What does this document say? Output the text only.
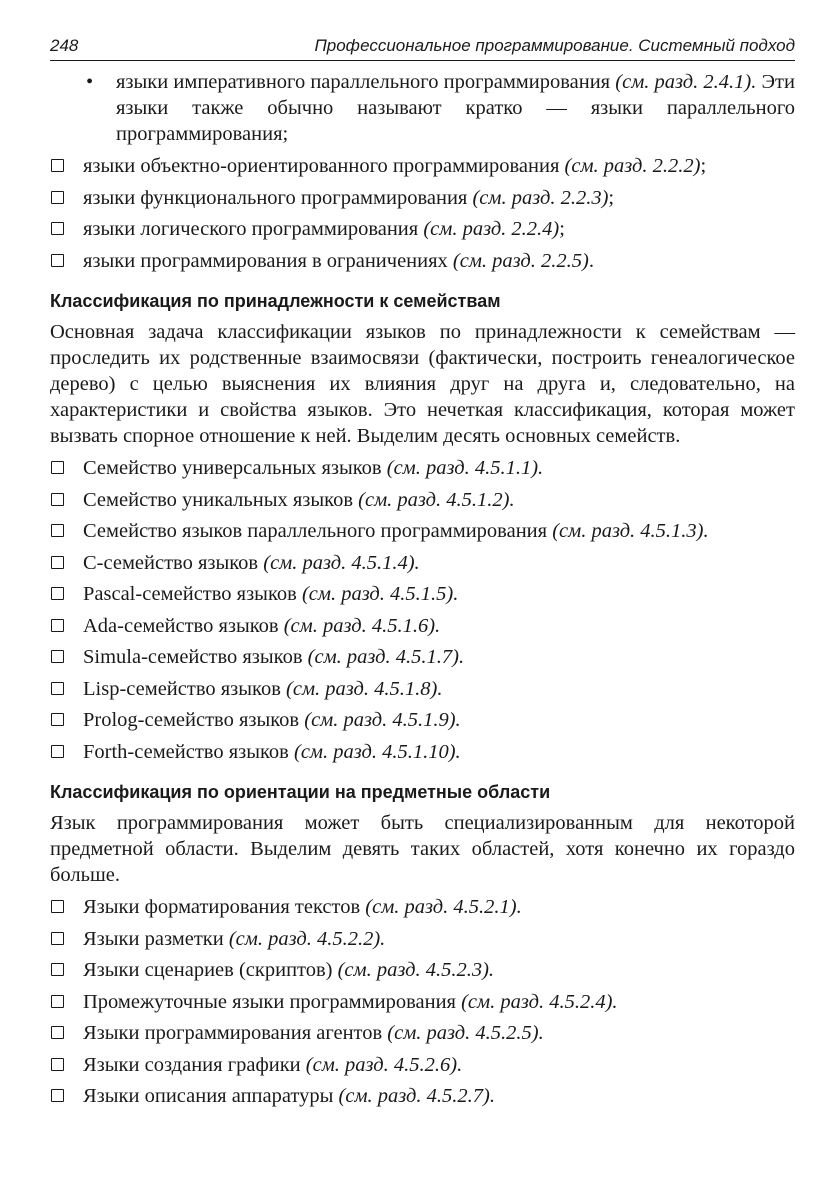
248	Профессиональное программирование. Системный подход
• языки императивного параллельного программирования (см. разд. 2.4.1). Эти языки также обычно называют кратко — языки параллельного программирования;
языки объектно-ориентированного программирования (см. разд. 2.2.2);
языки функционального программирования (см. разд. 2.2.3);
языки логического программирования (см. разд. 2.2.4);
языки программирования в ограничениях (см. разд. 2.2.5).
Классификация по принадлежности к семействам

Основная задача классификации языков по принадлежности к семействам — проследить их родственные взаимосвязи (фактически, построить генеалогическое дерево) с целью выяснения их влияния друг на друга и, следовательно, на характеристики и свойства языков. Это нечеткая классификация, которая может вызвать спорное отношение к ней. Выделим десять основных семейств.

Семейство универсальных языков (см. разд. 4.5.1.1).
Семейство уникальных языков (см. разд. 4.5.1.2).
Семейство языков параллельного программирования (см. разд. 4.5.1.3).
С-семейство языков (см. разд. 4.5.1.4).
Pascal-семейство языков (см. разд. 4.5.1.5).
Ada-семейство языков (см. разд. 4.5.1.6).
Simula-семейство языков (см. разд. 4.5.1.7).
Lisp-семейство языков (см. разд. 4.5.1.8).
Prolog-семейство языков (см. разд. 4.5.1.9).
Forth-семейство языков (см. разд. 4.5.1.10).
Классификация по ориентации на предметные области

Язык программирования может быть специализированным для некоторой предметной области. Выделим девять таких областей, хотя конечно их гораздо больше.

Языки форматирования текстов (см. разд. 4.5.2.1).
Языки разметки (см. разд. 4.5.2.2).
Языки сценариев (скриптов) (см. разд. 4.5.2.3).
Промежуточные языки программирования (см. разд. 4.5.2.4).
Языки программирования агентов (см. разд. 4.5.2.5).
Языки создания графики (см. разд. 4.5.2.6).
Языки описания аппаратуры (см. разд. 4.5.2.7).
